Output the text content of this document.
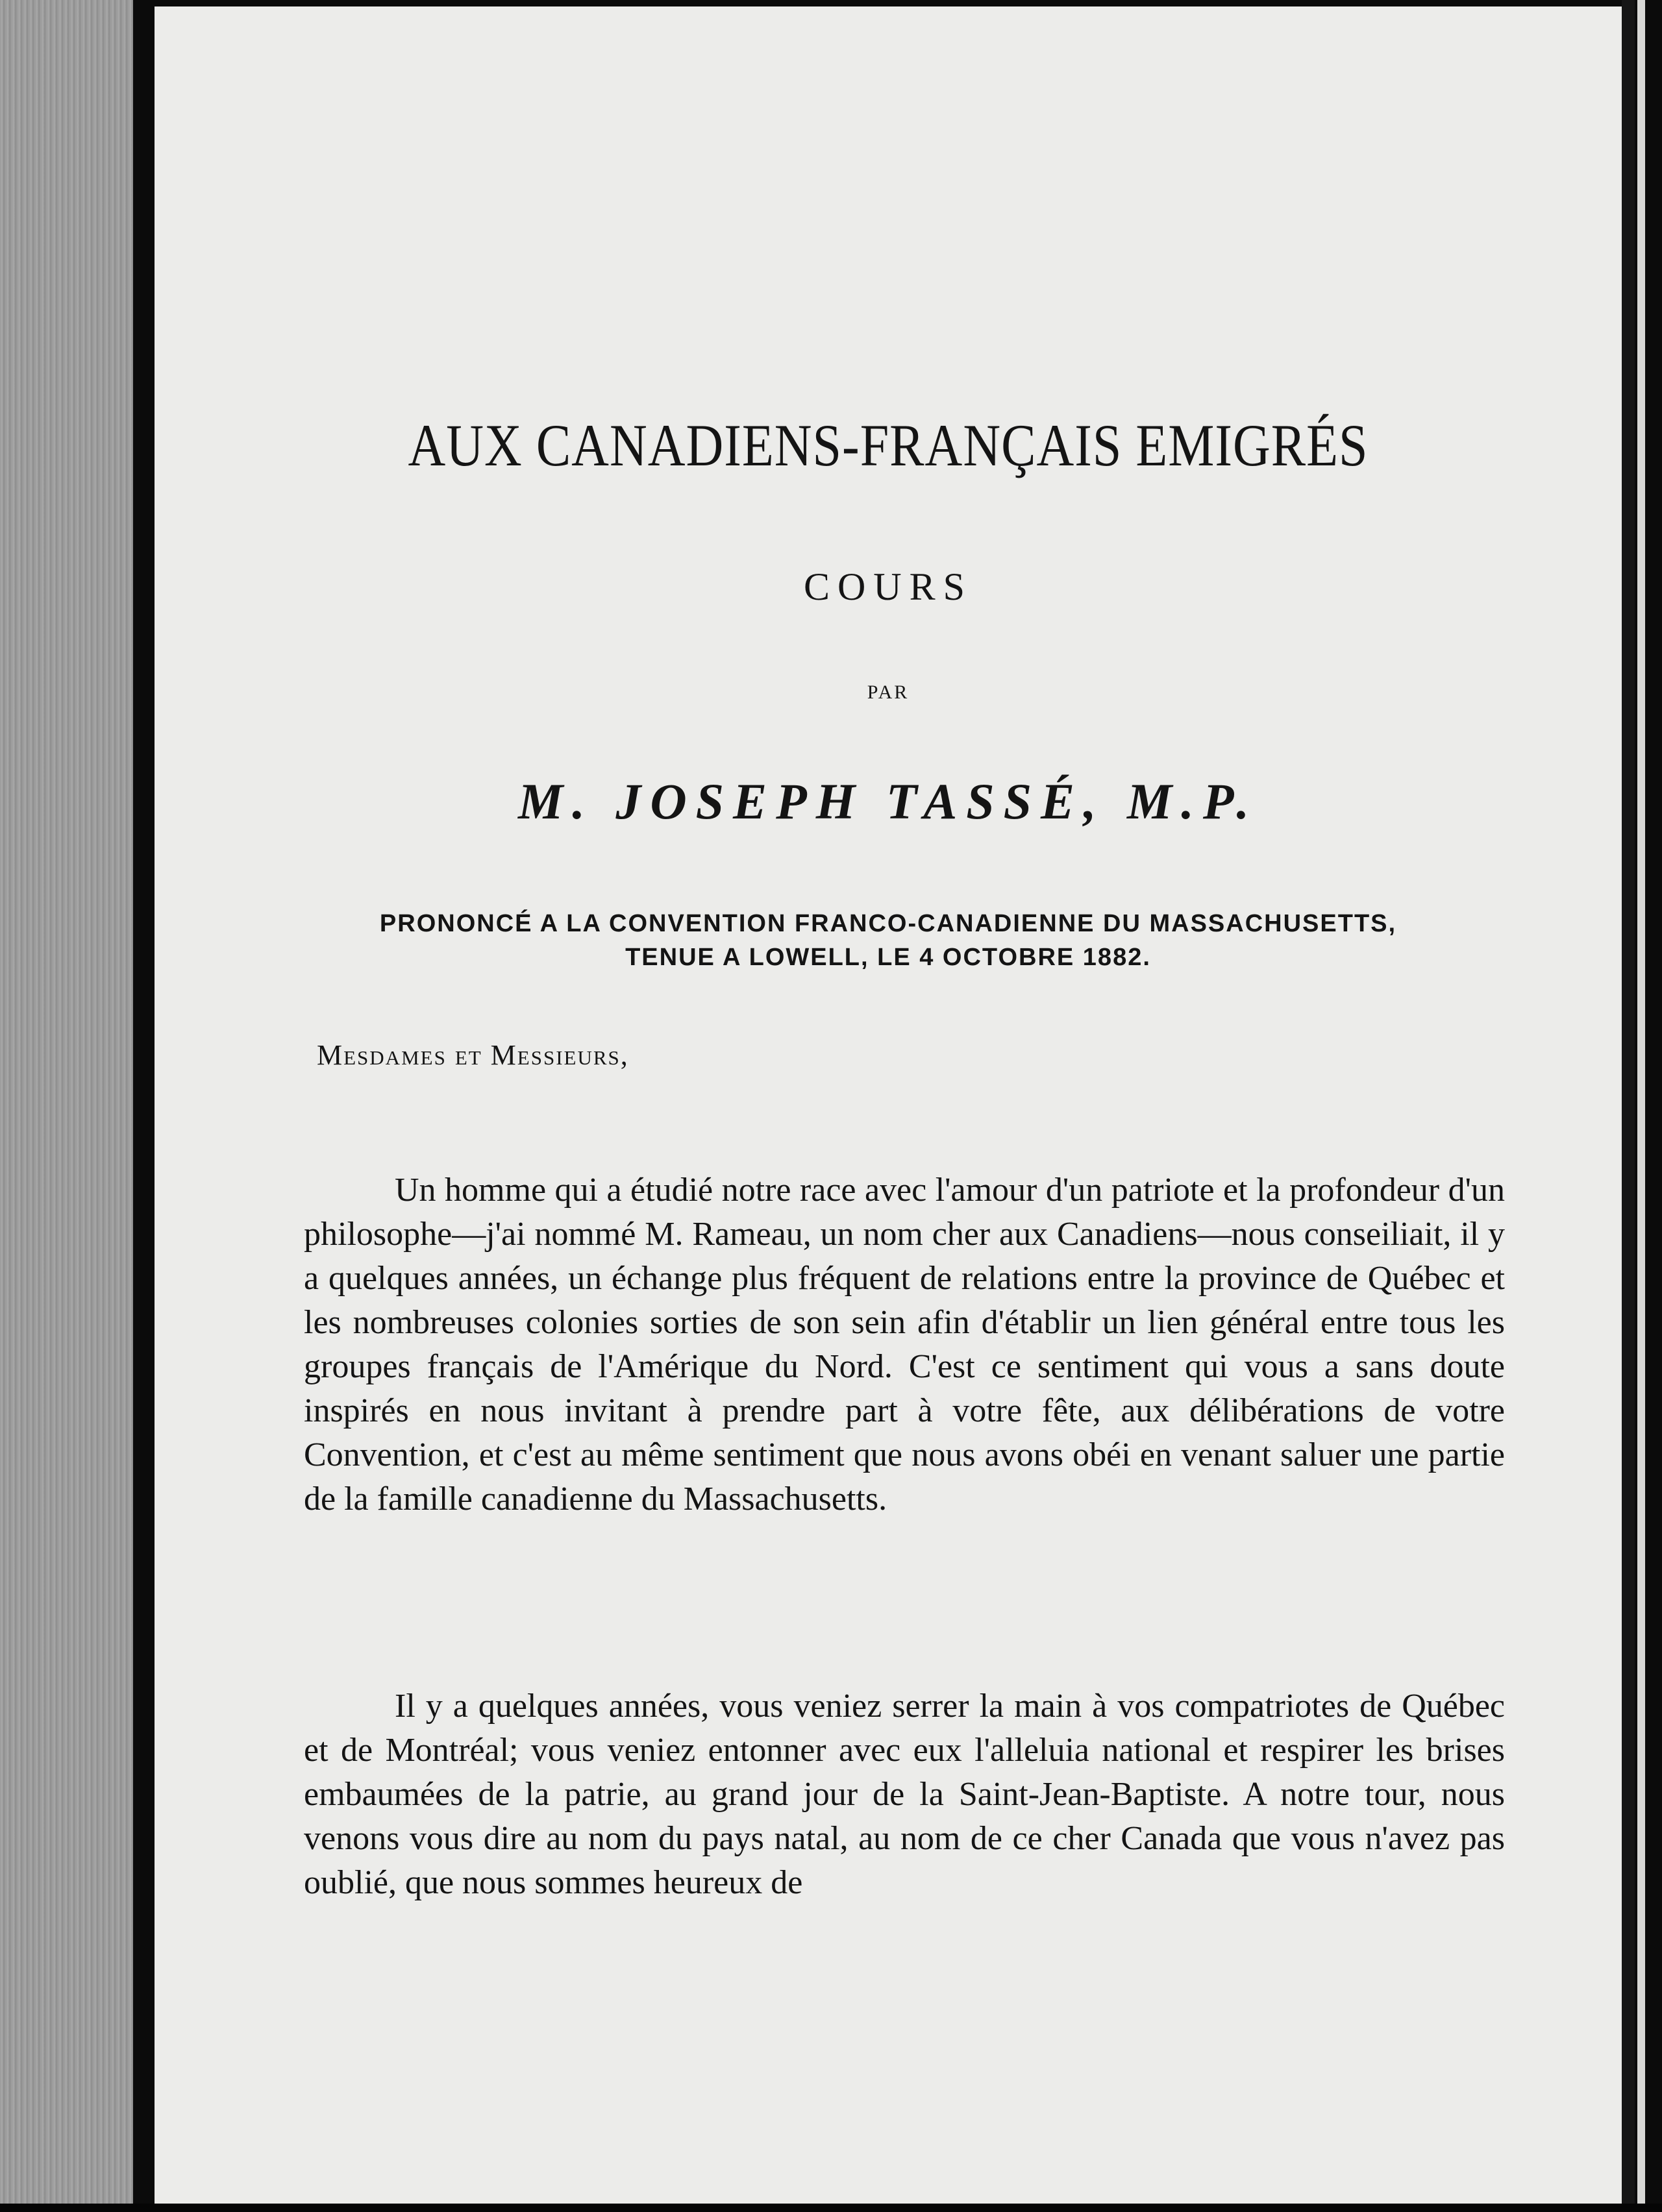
AUX CANADIENS-FRANÇAIS EMIGRÉS
COURS
PAR
M. JOSEPH TASSÉ, M.P.
PRONONCÉ A LA CONVENTION FRANCO-CANADIENNE DU MASSACHUSETTS,
TENUE A LOWELL, LE 4 OCTOBRE 1882.
Mesdames et Messieurs,
Un homme qui a étudié notre race avec l'amour d'un patriote et la profondeur d'un philosophe—j'ai nommé M. Rameau, un nom cher aux Canadiens—nous conseiliait, il y a quelques années, un échange plus fréquent de relations entre la province de Québec et les nombreuses colonies sorties de son sein afin d'établir un lien général entre tous les groupes français de l'Amérique du Nord. C'est ce sentiment qui vous a sans doute inspirés en nous invitant à prendre part à votre fête, aux délibérations de votre Convention, et c'est au même sentiment que nous avons obéi en venant saluer une partie de la famille canadienne du Massachusetts.
Il y a quelques années, vous veniez serrer la main à vos compatriotes de Québec et de Montréal; vous veniez entonner avec eux l'alleluia national et respirer les brises embaumées de la patrie, au grand jour de la Saint-Jean-Baptiste. A notre tour, nous venons vous dire au nom du pays natal, au nom de ce cher Canada que vous n'avez pas oublié, que nous sommes heureux de
